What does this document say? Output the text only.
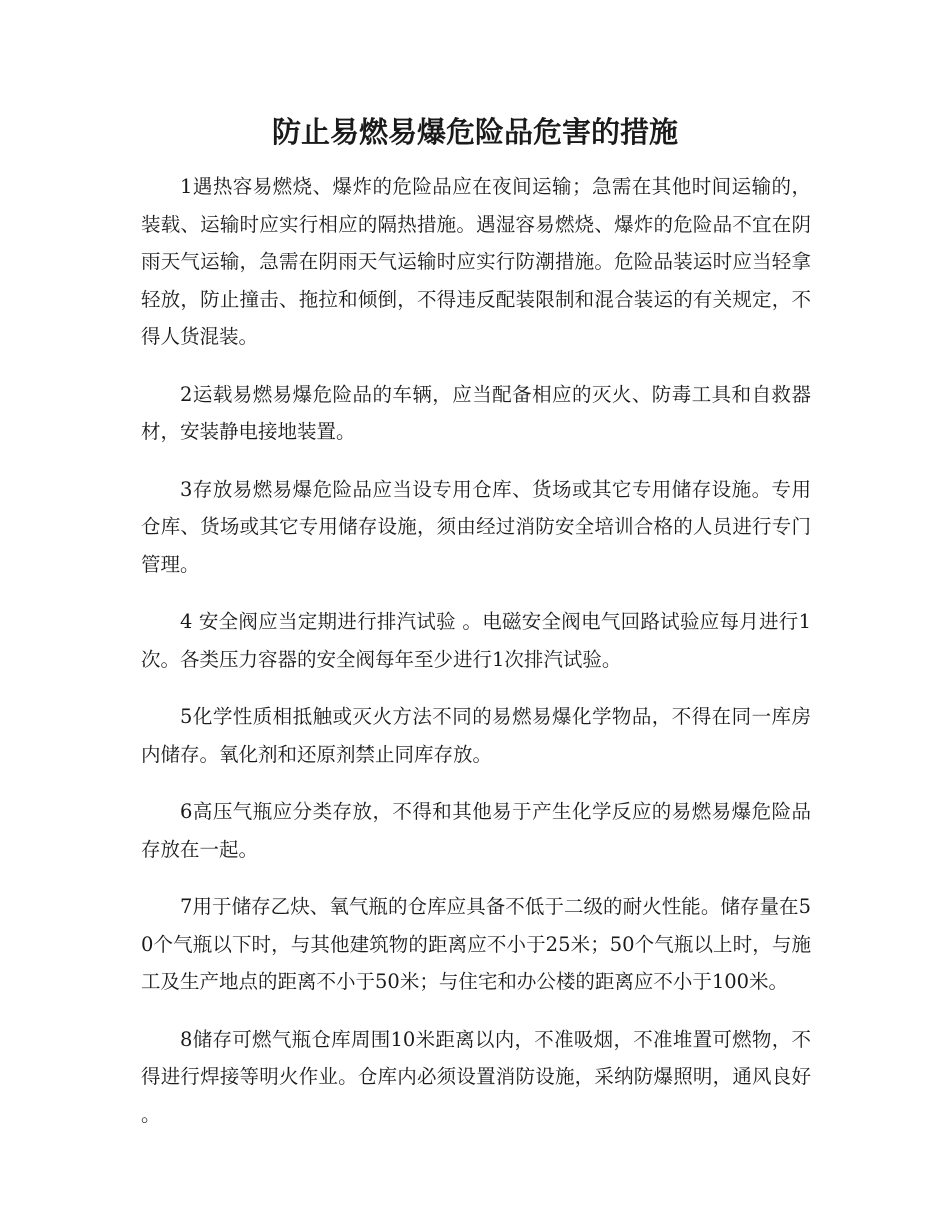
防止易燃易爆危险品危害的措施

1遇热容易燃烧、爆炸的危险品应在夜间运输；急需在其他时间运输的，装载、运输时应实行相应的隔热措施。遇湿容易燃烧、爆炸的危险品不宜在阴雨天气运输，急需在阴雨天气运输时应实行防潮措施。危险品装运时应当轻拿轻放，防止撞击、拖拉和倾倒，不得违反配装限制和混合装运的有关规定，不得人货混装。

2运载易燃易爆危险品的车辆，应当配备相应的灭火、防毒工具和自救器材，安装静电接地装置。

3存放易燃易爆危险品应当设专用仓库、货场或其它专用储存设施。专用仓库、货场或其它专用储存设施，须由经过消防安全培训合格的人员进行专门管理。

4 安全阀应当定期进行排汽试验 。电磁安全阀电气回路试验应每月进行1次。各类压力容器的安全阀每年至少进行1次排汽试验。

5化学性质相抵触或灭火方法不同的易燃易爆化学物品，不得在同一库房内储存。氧化剂和还原剂禁止同库存放。

6高压气瓶应分类存放，不得和其他易于产生化学反应的易燃易爆危险品存放在一起。

7用于储存乙炔、氧气瓶的仓库应具备不低于二级的耐火性能。储存量在50个气瓶以下时，与其他建筑物的距离应不小于25米；50个气瓶以上时，与施工及生产地点的距离不小于50米；与住宅和办公楼的距离应不小于100米。

8储存可燃气瓶仓库周围10米距离以内，不准吸烟，不准堆置可燃物，不得进行焊接等明火作业。仓库内必须设置消防设施，采纳防爆照明，通风良好。
